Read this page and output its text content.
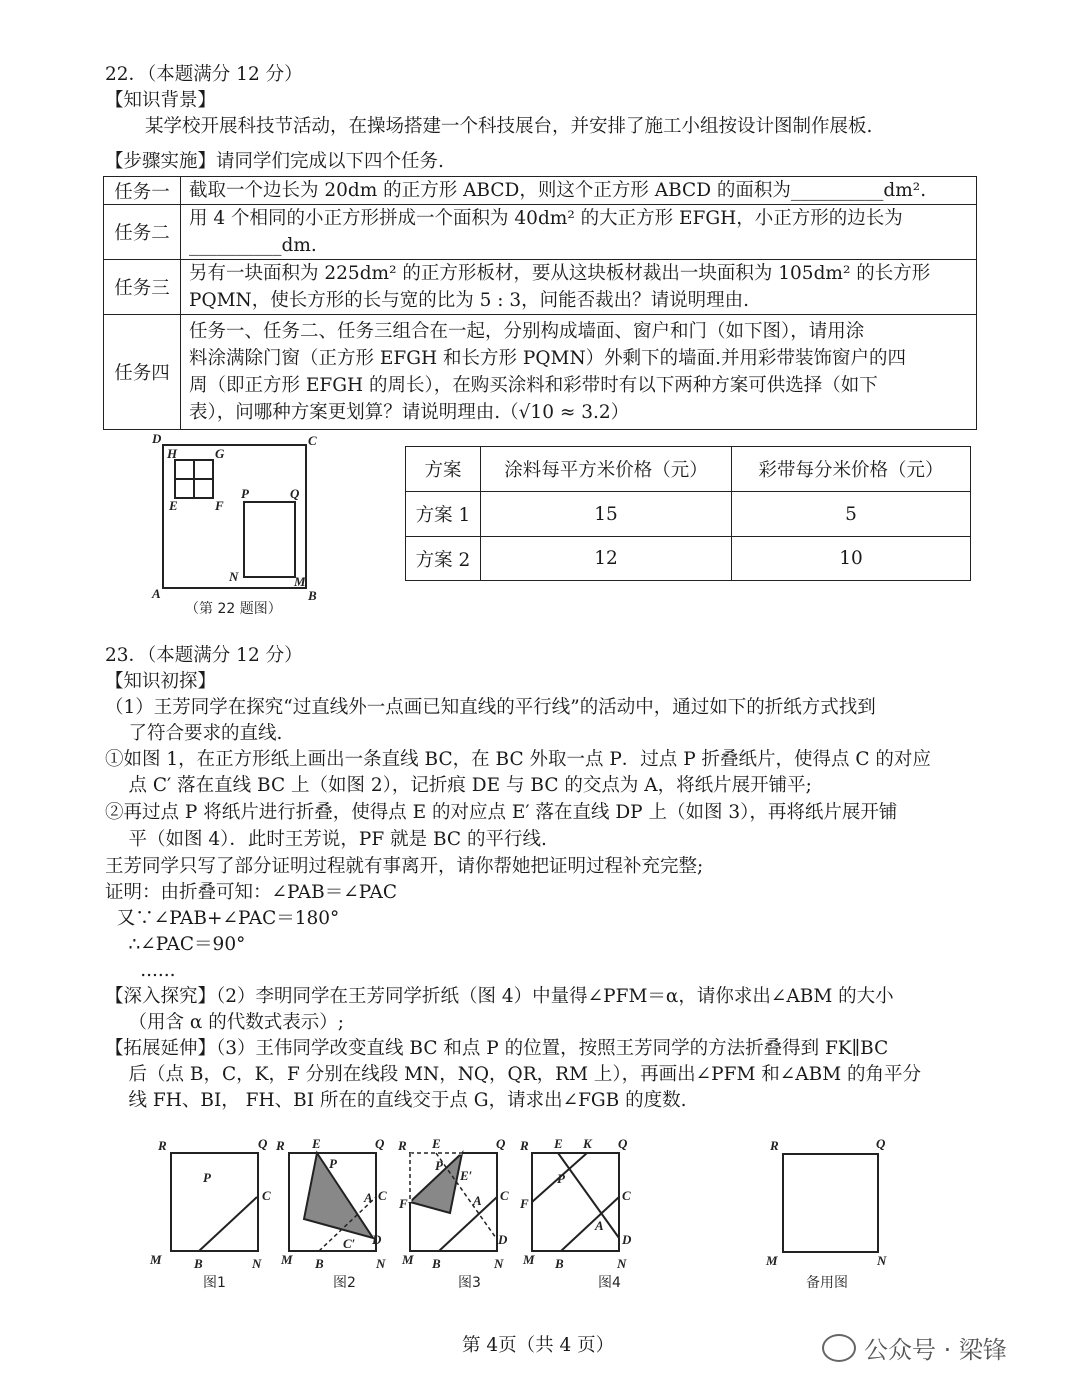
22．（本题满分 12 分）
【知识背景】
某学校开展科技节活动，在操场搭建一个科技展台，并安排了施工小组按设计图制作展板.
【步骤实施】请同学们完成以下四个任务.
任务一	截取一个边长为 20dm 的正方形 ABCD，则这个正方形 ABCD 的面积为__________dm².

任务二	用 4 个相同的小正方形拼成一个面积为 40dm² 的大正方形 EFGH，小正方形的边长为
__________dm.

任务三	另有一块面积为 225dm² 的正方形板材，要从这块板材裁出一块面积为 105dm² 的长方形
PQMN，使长方形的长与宽的比为 5 : 3，问能否裁出？请说明理由.

任务四	任务一、任务二、任务三组合在一起，分别构成墙面、窗户和门（如下图），请用涂
料涂满除门窗（正方形 EFGH 和长方形 PQMN）外剩下的墙面.并用彩带装饰窗户的四
周（即正方形 EFGH 的周长），在购买涂料和彩带时有以下两种方案可供选择（如下
表），问哪种方案更划算？请说明理由.（√10 ≈ 3.2）
D	C
A	B
H	G
E	F
P	Q
N	M
（第 22 题图）
方案	涂料每平方米价格（元）	彩带每分米价格（元）
方案 1	15	5
方案 2	12	10
23．（本题满分 12 分）
【知识初探】
（1）王芳同学在探究“过直线外一点画已知直线的平行线”的活动中，通过如下的折纸方式找到
了符合要求的直线.
①如图 1，在正方形纸上画出一条直线 BC，在 BC 外取一点 P．过点 P 折叠纸片，使得点 C 的对应
点 C′ 落在直线 BC 上（如图 2），记折痕 DE 与 BC 的交点为 A，将纸片展开铺平;
②再过点 P 将纸片进行折叠，使得点 E 的对应点 E′ 落在直线 DP 上（如图 3），再将纸片展开铺
平（如图 4）．此时王芳说，PF 就是 BC 的平行线.
王芳同学只写了部分证明过程就有事离开，请你帮她把证明过程补充完整;
证明：由折叠可知：∠PAB＝∠PAC
又∵∠PAB+∠PAC＝180°
∴∠PAC＝90°
......
【深入探究】（2）李明同学在王芳同学折纸（图 4）中量得∠PFM＝α，请你求出∠ABM 的大小
（用含 α 的代数式表示）;
【拓展延伸】（3）王伟同学改变直线 BC 和点 P 的位置，按照王芳同学的方法折叠得到 FK∥BC
后（点 B，C，K，F 分别在线段 MN，NQ，QR，RM 上），再画出∠PFM 和∠ABM 的角平分
线 FH、BI， FH、BI 所在的直线交于点 G，请求出∠FGB 的度数.
R	Q
P
C
M B	N
图1
R E	Q
P
A C
D
C′
M B	N
图2
R E	Q
P
E′
F	A C
D
M B	N
图3
R E K Q
P
F
C
A
D
M B	N
图4
R	Q
M	N
备用图
第 4页（共 4 页）	公众号 · 梁锋
